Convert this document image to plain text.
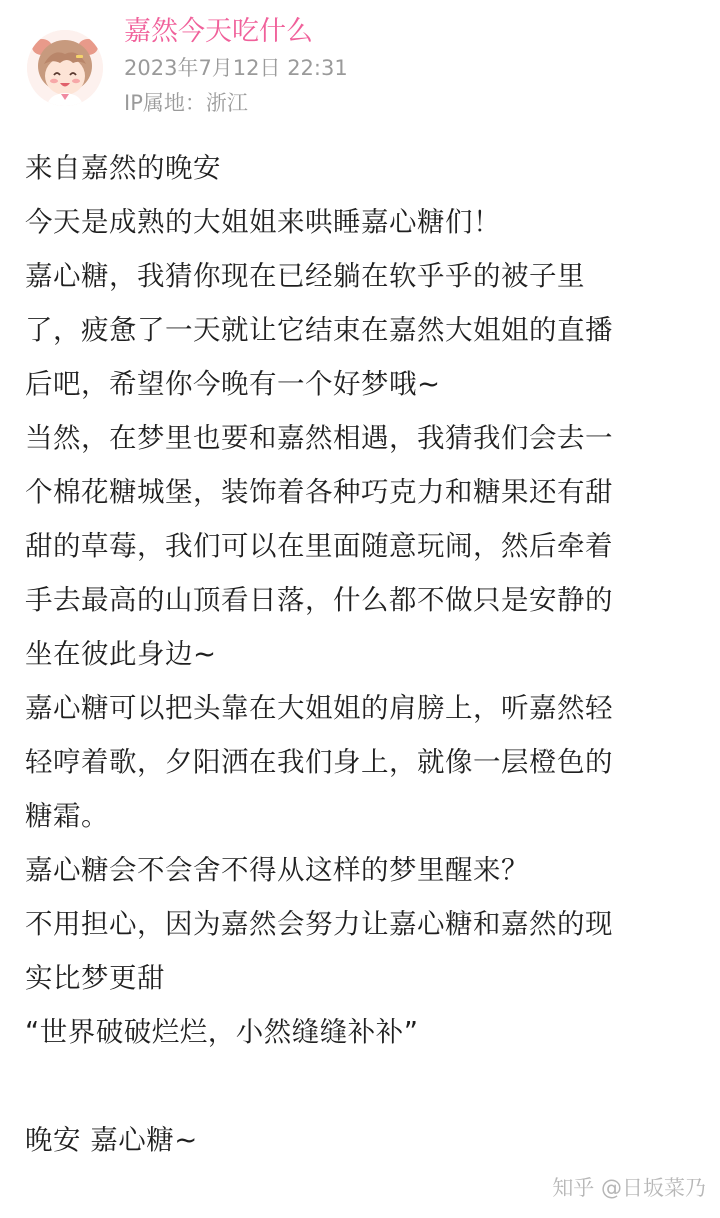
嘉然今天吃什么
2023年7月12日 22:31
IP属地：浙江
来自嘉然的晚安
今天是成熟的大姐姐来哄睡嘉心糖们！
嘉心糖，我猜你现在已经躺在软乎乎的被子里
了，疲惫了一天就让它结束在嘉然大姐姐的直播
后吧，希望你今晚有一个好梦哦~
当然，在梦里也要和嘉然相遇，我猜我们会去一
个棉花糖城堡，装饰着各种巧克力和糖果还有甜
甜的草莓，我们可以在里面随意玩闹，然后牵着
手去最高的山顶看日落，什么都不做只是安静的
坐在彼此身边~
嘉心糖可以把头靠在大姐姐的肩膀上，听嘉然轻
轻哼着歌，夕阳洒在我们身上，就像一层橙色的
糖霜。
嘉心糖会不会舍不得从这样的梦里醒来？
不用担心，因为嘉然会努力让嘉心糖和嘉然的现
实比梦更甜
“世界破破烂烂，小然缝缝补补”
晚安 嘉心糖~
知乎 @日坂菜乃
